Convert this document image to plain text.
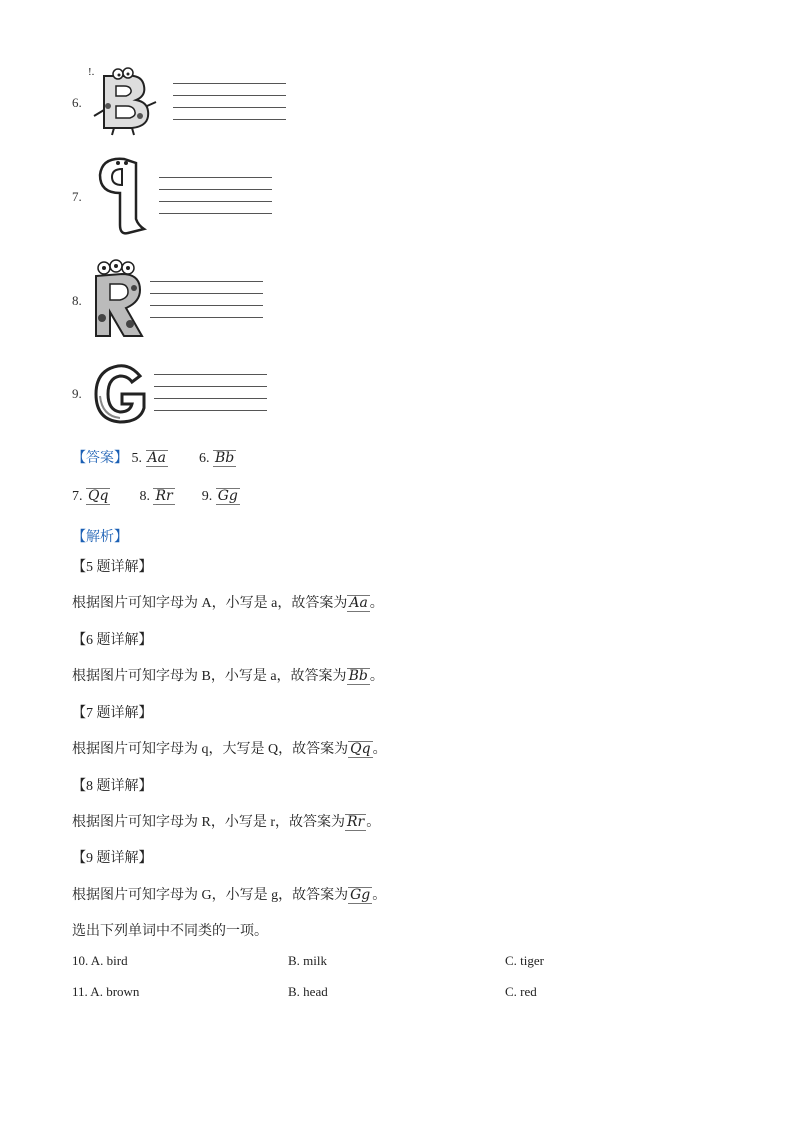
!.
6.
7.
8.
9.
【答案】 5. Aa 6. Bb
7. Qq 8. Rr 9. Gg
【解析】
【5 题详解】
根据图片可知字母为 A，小写是 a，故答案为 Aa 。
【6 题详解】
根据图片可知字母为 B，小写是 a，故答案为 Bb 。
【7 题详解】
根据图片可知字母为 q，大写是 Q，故答案为 Qq 。
【8 题详解】
根据图片可知字母为 R，小写是 r，故答案为 Rr 。
【9 题详解】
根据图片可知字母为 G，小写是 g，故答案为 Gg 。
选出下列单词中不同类的一项。
10. A. bird	B. milk	C. tiger
11. A. brown	B. head	C. red
